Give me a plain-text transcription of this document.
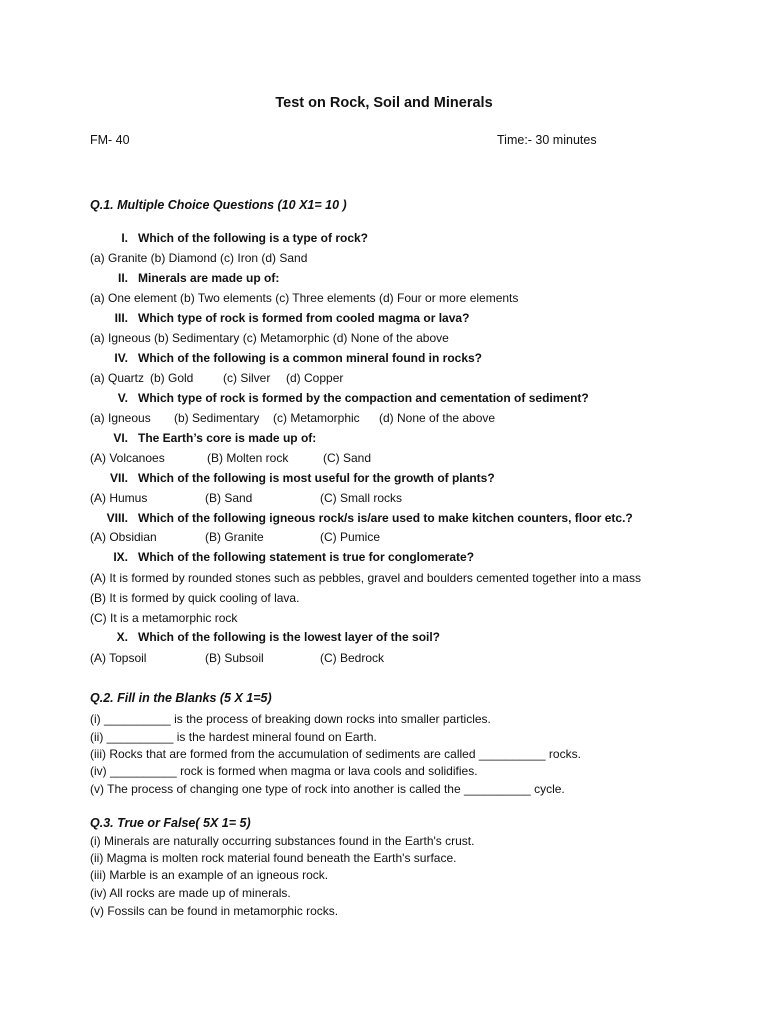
Test on Rock, Soil and Minerals
FM- 40	Time:- 30 minutes
Q.1. Multiple Choice Questions (10 X1= 10 )
I. Which of the following is a type of rock?
(a) Granite (b) Diamond (c) Iron (d) Sand
II. Minerals are made up of:
(a) One element (b) Two elements (c) Three elements (d) Four or more elements
III. Which type of rock is formed from cooled magma or lava?
(a) Igneous (b) Sedimentary (c) Metamorphic (d) None of the above
IV. Which of the following is a common mineral found in rocks?
(a) Quartz (b) Gold (c) Silver (d) Copper
V. Which type of rock is formed by the compaction and cementation of sediment?
(a) Igneous (b) Sedimentary (c) Metamorphic (d) None of the above
VI. The Earth’s core is made up of:
(A) Volcanoes	(B) Molten rock	(C) Sand
VII. Which of the following is most useful for the growth of plants?
(A) Humus	(B) Sand	(C) Small rocks
VIII. Which of the following igneous rock/s is/are used to make kitchen counters, floor etc.?
(A) Obsidian	(B) Granite	(C) Pumice
IX. Which of the following statement is true for conglomerate?
(A) It is formed by rounded stones such as pebbles, gravel and boulders cemented together into a mass
(B) It is formed by quick cooling of lava.
(C) It is a metamorphic rock
X. Which of the following is the lowest layer of the soil?
(A) Topsoil	(B) Subsoil	(C) Bedrock
Q.2. Fill in the Blanks (5 X 1=5)
(i) __________ is the process of breaking down rocks into smaller particles.
(ii) __________ is the hardest mineral found on Earth.
(iii) Rocks that are formed from the accumulation of sediments are called __________ rocks.
(iv) __________ rock is formed when magma or lava cools and solidifies.
(v) The process of changing one type of rock into another is called the __________ cycle.
Q.3. True or False( 5X 1= 5)
(i) Minerals are naturally occurring substances found in the Earth's crust.
(ii) Magma is molten rock material found beneath the Earth's surface.
(iii) Marble is an example of an igneous rock.
(iv) All rocks are made up of minerals.
(v) Fossils can be found in metamorphic rocks.
